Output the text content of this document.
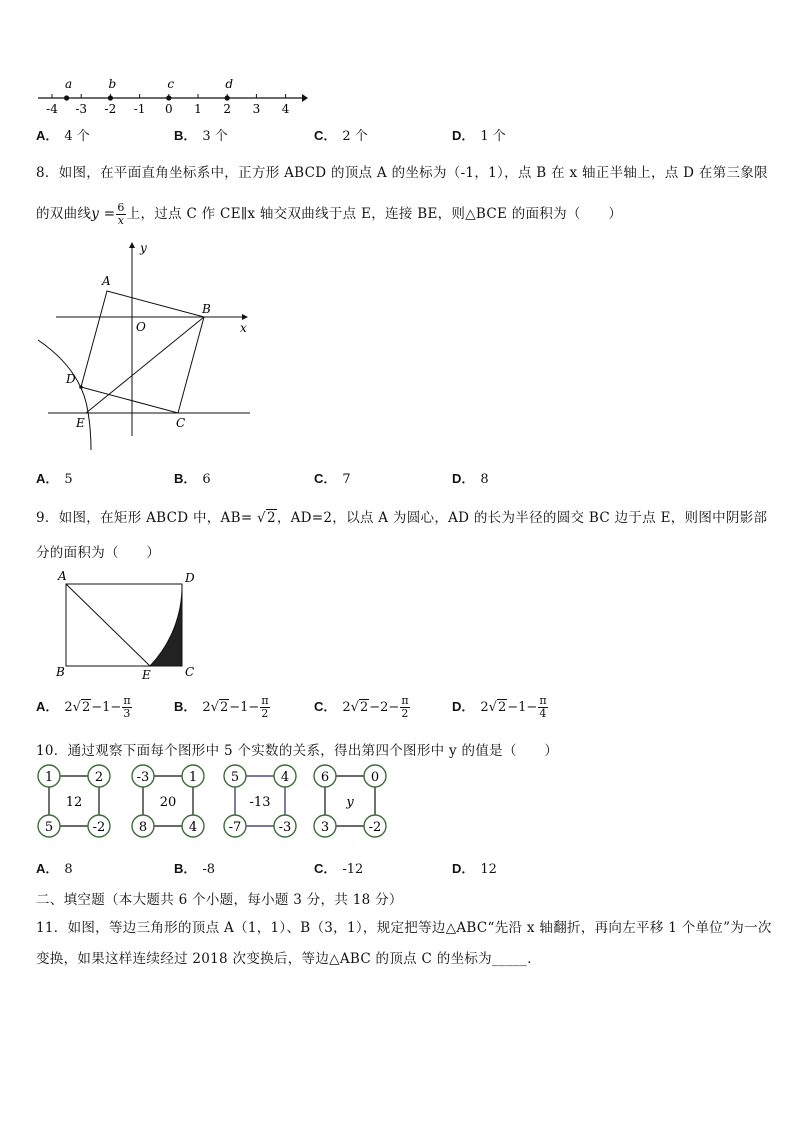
-4 -3 -2 -1 0 1 2 3 4
a	b	c	d
A． 4 个	B． 3 个	C． 2 个	D． 1 个
8．如图，在平面直角坐标系中，正方形 ABCD 的顶点 A 的坐标为（-1，1），点 B 在 x 轴正半轴上，点 D 在第三象限
的双曲线$y = \frac{6}{x}$ 上，过点 C 作 CE∥x 轴交双曲线于点 E，连接 BE，则△BCE 的面积为（　　）
A
B
C
D
E
O	x
y
A． 5	B． 6	C． 7	D． 8
9．如图，在矩形 ABCD 中，AB= √2，AD=2，以点 A 为圆心，AD 的长为半径的圆交 BC 边于点 E，则图中阴影部
分的面积为（　　）
A	D
B	C
E
A． $2√2-1- \frac{\pi}{3}$	B． $2√2-1- \frac{\pi}{2}$	C． $2√2-2- \frac{\pi}{2}$	D． $2√2-1- \frac{\pi}{4}$
10．通过观察下面每个图形中 5 个实数的关系，得出第四个图形中 y 的值是（　　）
1	2
5	-2
12
-3	1
8	4
20
5	4
-7	-3
-13
6	0
3	-2
y
A． 8	B． -8	C． -12	D． 12
二、填空题（本大题共 6 个小题，每小题 3 分，共 18 分）
11．如图，等边三角形的顶点 A（1，1）、B（3，1），规定把等边△ABC“先沿 x 轴翻折，再向左平移 1 个单位”为一次
变换，如果这样连续经过 2018 次变换后，等边△ABC 的顶点 C 的坐标为_____．
